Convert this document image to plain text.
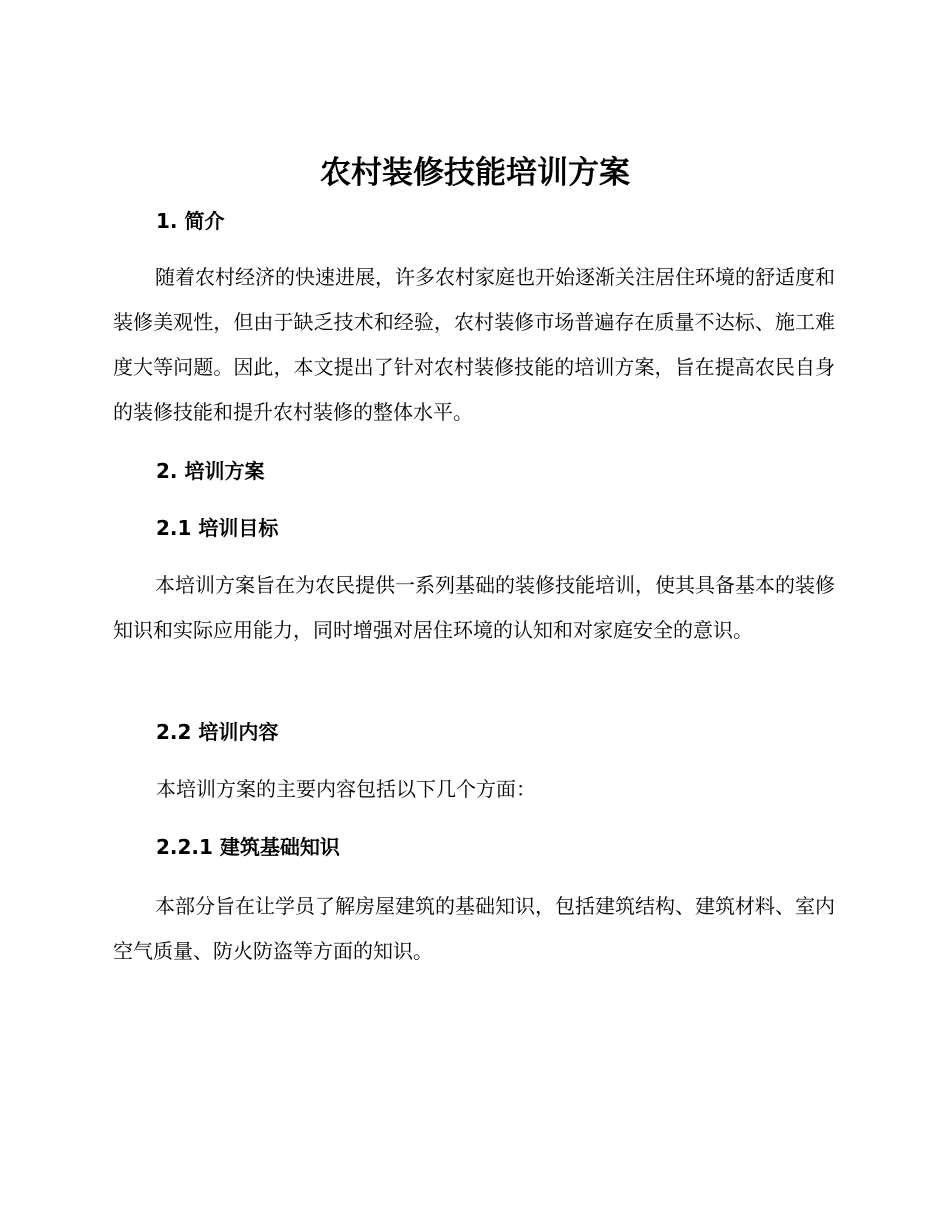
农村装修技能培训方案
1. 简介

随着农村经济的快速进展，许多农村家庭也开始逐渐关注居住环境的舒适度和装修美观性，但由于缺乏技术和经验，农村装修市场普遍存在质量不达标、施工难度大等问题。因此，本文提出了针对农村装修技能的培训方案，旨在提高农民自身的装修技能和提升农村装修的整体水平。

2. 培训方案
2.1 培训目标

本培训方案旨在为农民提供一系列基础的装修技能培训，使其具备基本的装修知识和实际应用能力，同时增强对居住环境的认知和对家庭安全的意识。

2.2 培训内容
本培训方案的主要内容包括以下几个方面：
2.2.1 建筑基础知识

本部分旨在让学员了解房屋建筑的基础知识，包括建筑结构、建筑材料、室内空气质量、防火防盗等方面的知识。
